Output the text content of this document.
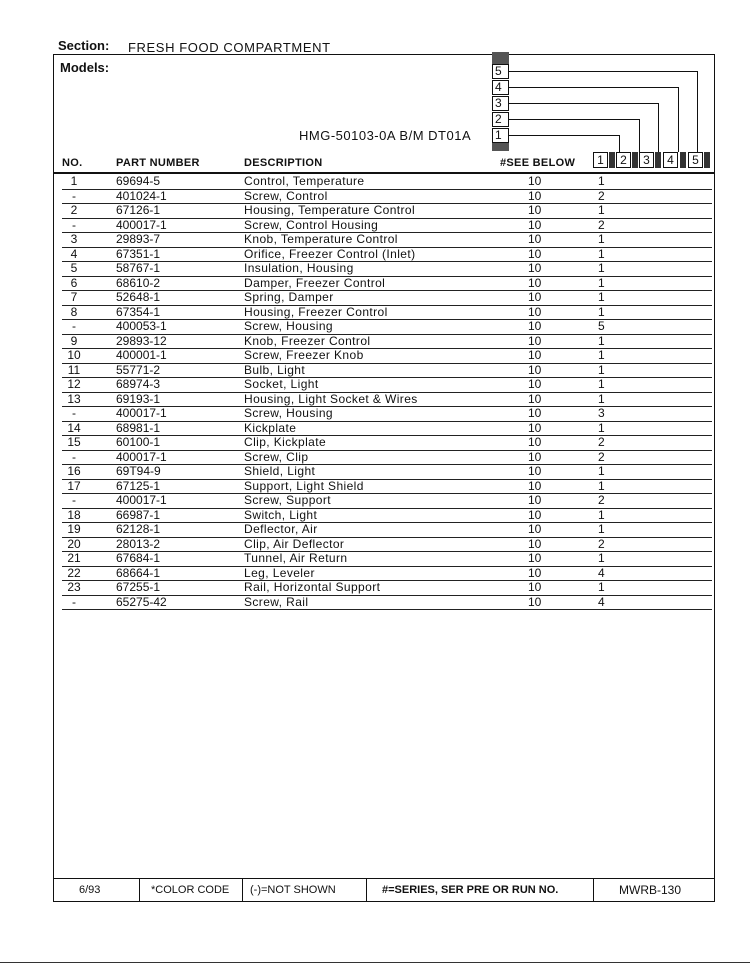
Section: FRESH FOOD COMPARTMENT
Models:
HMG-50103-0A B/M DT01A
5
4
3
2
1
NO.	PART NUMBER	DESCRIPTION	#SEE BELOW	1	2	3	4	5
1	69694-5	Control, Temperature	10	1
-	401024-1	Screw, Control	10	2
2	67126-1	Housing, Temperature Control	10	1
-	400017-1	Screw, Control Housing	10	2
3	29893-7	Knob, Temperature Control	10	1
4	67351-1	Orifice, Freezer Control (Inlet)	10	1
5	58767-1	Insulation, Housing	10	1
6	68610-2	Damper, Freezer Control	10	1
7	52648-1	Spring, Damper	10	1
8	67354-1	Housing, Freezer Control	10	1
-	400053-1	Screw, Housing	10	5
9	29893-12	Knob, Freezer Control	10	1
10	400001-1	Screw, Freezer Knob	10	1
11	55771-2	Bulb, Light	10	1
12	68974-3	Socket, Light	10	1
13	69193-1	Housing, Light Socket & Wires	10	1
-	400017-1	Screw, Housing	10	3
14	68981-1	Kickplate	10	1
15	60100-1	Clip, Kickplate	10	2
-	400017-1	Screw, Clip	10	2
16	69T94-9	Shield, Light	10	1
17	67125-1	Support, Light Shield	10	1
-	400017-1	Screw, Support	10	2
18	66987-1	Switch, Light	10	1
19	62128-1	Deflector, Air	10	1
20	28013-2	Clip, Air Deflector	10	2
21	67684-1	Tunnel, Air Return	10	1
22	68664-1	Leg, Leveler	10	4
23	67255-1	Rail, Horizontal Support	10	1
-	65275-42	Screw, Rail	10	4
6/93	*COLOR CODE (-)=NOT SHOWN	#=SERIES, SER PRE OR RUN NO.	MWRB-130
